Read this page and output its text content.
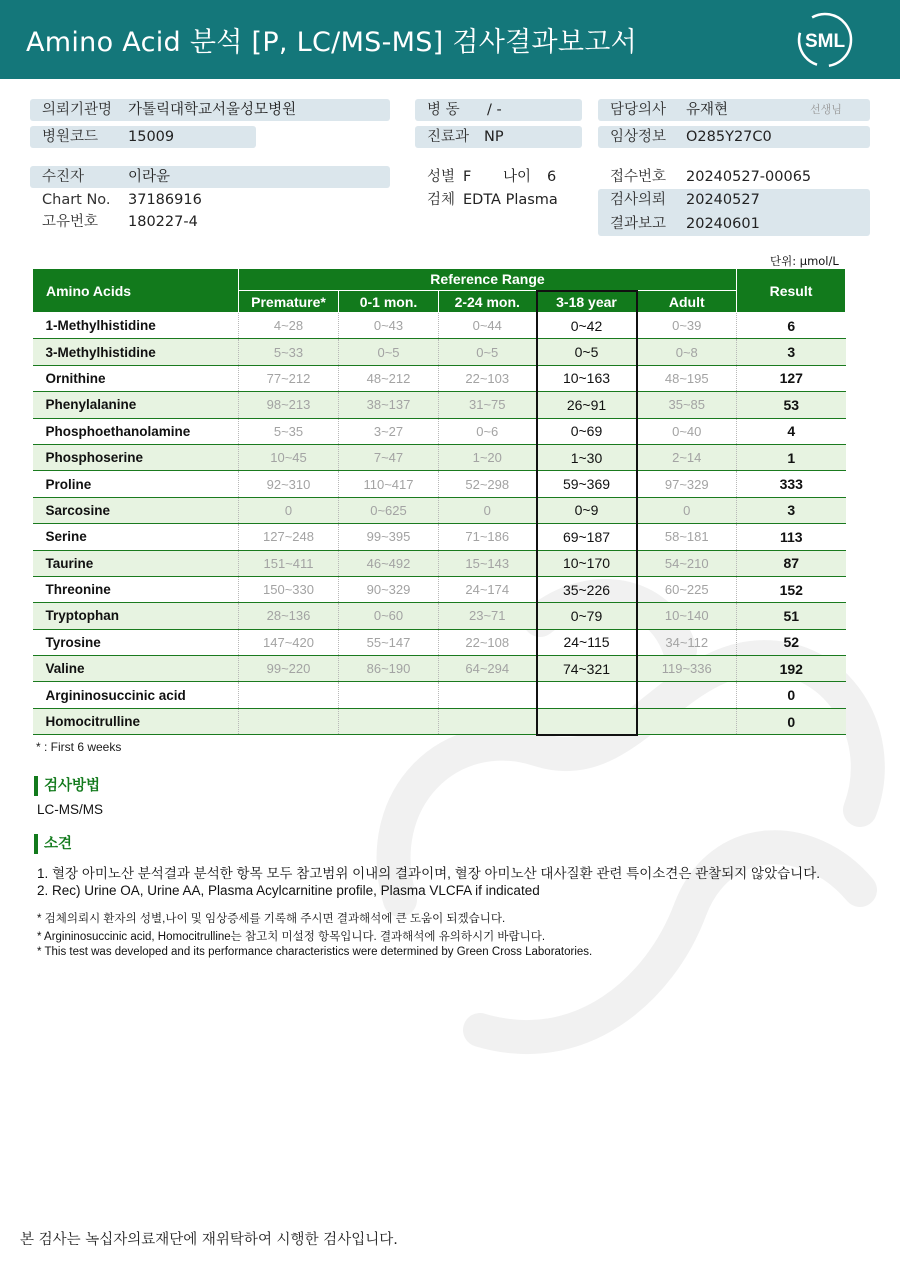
Amino Acid 분석 [P, LC/MS-MS] 검사결과보고서	SML
의뢰기관명 가톨릭대학교서울성모병원
병원코드 15009
수진자	이라윤
Chart No. 37186916
고유번호 180227-4
병 동 / -
진료과 NP
성별 F 나이 6
검체 EDTA Plasma
담당의사 유재현	선생님
임상정보 O285Y27C0
접수번호 20240527-00065
검사의뢰 20240527
결과보고 20240601
단위: μmol/L
Amino Acids	Reference Range					Result
	Premature*	0-1 mon.	2-24 mon.	3-18 year	Adult	
1-Methylhistidine	4~28	0~43	0~44	0~42	0~39	6
3-Methylhistidine	5~33	0~5	0~5	0~5	0~8	3
Ornithine	77~212	48~212	22~103	10~163	48~195	127
Phenylalanine	98~213	38~137	31~75	26~91	35~85	53
Phosphoethanolamine	5~35	3~27	0~6	0~69	0~40	4
Phosphoserine	10~45	7~47	1~20	1~30	2~14	1
Proline	92~310	110~417	52~298	59~369	97~329	333
Sarcosine	0	0~625	0	0~9	0	3
Serine	127~248	99~395	71~186	69~187	58~181	113
Taurine	151~411	46~492	15~143	10~170	54~210	87
Threonine	150~330	90~329	24~174	35~226	60~225	152
Tryptophan	28~136	0~60	23~71	0~79	10~140	51
Tyrosine	147~420	55~147	22~108	24~115	34~112	52
Valine	99~220	86~190	64~294	74~321	119~336	192
Argininosuccinic acid						0
Homocitrulline						0
* : First 6 weeks
검사방법
LC-MS/MS
소견
1. 혈장 아미노산 분석결과 분석한 항목 모두 참고범위 이내의 결과이며, 혈장 아미노산 대사질환 관련 특이소견은 관찰되지 않았습니다.
2. Rec) Urine OA, Urine AA, Plasma Acylcarnitine profile, Plasma VLCFA if indicated
* 검체의뢰시 환자의 성별,나이 및 임상증세를 기록해 주시면 결과해석에 큰 도움이 되겠습니다.
* Argininosuccinic acid, Homocitrulline는 참고치 미설정 항목입니다. 결과해석에 유의하시기 바랍니다.
* This test was developed and its performance characteristics were determined by Green Cross Laboratories.
본 검사는 녹십자의료재단에 재위탁하여 시행한 검사입니다.
